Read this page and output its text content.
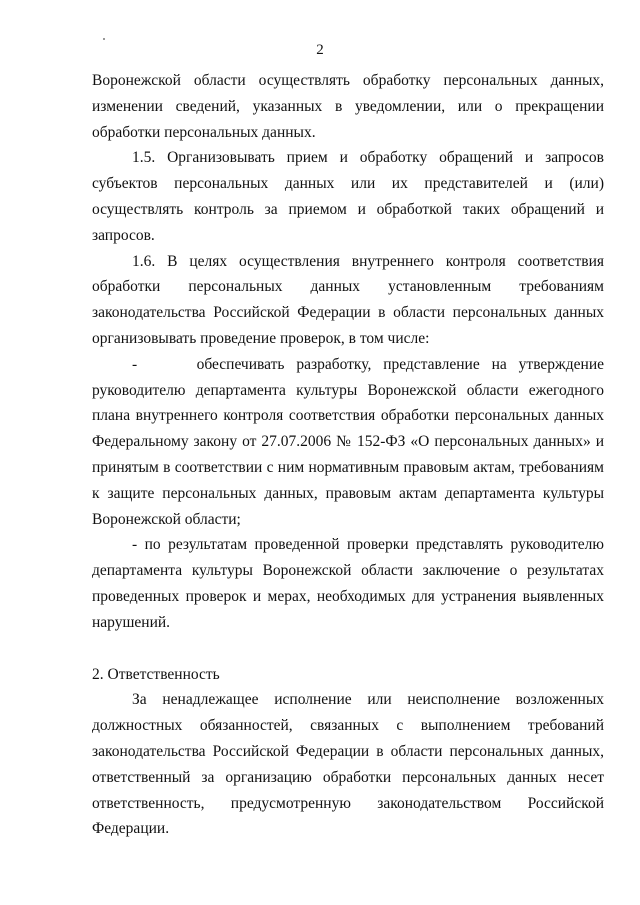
2

Воронежской области осуществлять обработку персональных данных, изменении сведений, указанных в уведомлении, или о прекращении обработки персональных данных.

1.5. Организовывать прием и обработку обращений и запросов субъектов персональных данных или их представителей и (или) осуществлять контроль за приемом и обработкой таких обращений и запросов.

1.6. В целях осуществления внутреннего контроля соответствия обработки персональных данных установленным требованиям законодательства Российской Федерации в области персональных данных организовывать проведение проверок, в том числе:

-     обеспечивать разработку, представление на утверждение руководителю департамента культуры Воронежской области ежегодного плана внутреннего контроля соответствия обработки персональных данных Федеральному закону от 27.07.2006 № 152-ФЗ «О персональных данных» и принятым в соответствии с ним нормативным правовым актам, требованиям к защите персональных данных, правовым актам департамента культуры Воронежской области;

- по результатам проведенной проверки представлять руководителю департамента культуры Воронежской области заключение о результатах проведенных проверок и мерах, необходимых для устранения выявленных нарушений.

2. Ответственность

За ненадлежащее исполнение или неисполнение возложенных должностных обязанностей, связанных с выполнением требований законодательства Российской Федерации в области персональных данных, ответственный за организацию обработки персональных данных несет ответственность, предусмотренную законодательством Российской Федерации.
